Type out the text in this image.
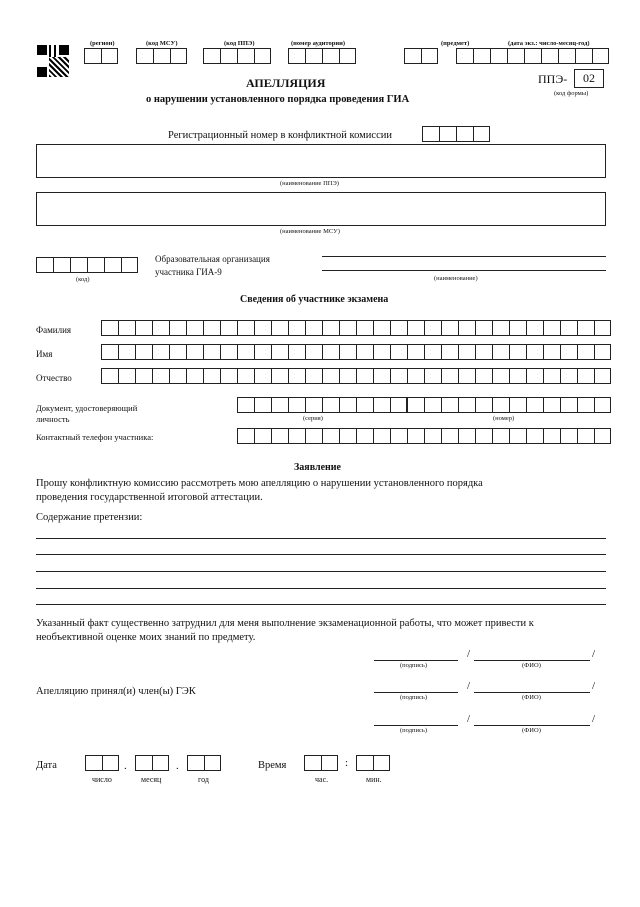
(регион)	(код МСУ)	(код ППЭ)	(номер аудитории)	(предмет)	(дата экз.: число-месяц-год)
АПЕЛЛЯЦИЯ
о нарушении установленного порядка проведения ГИА
ППЭ-	02
(код формы)
Регистрационный номер в конфликтной комиссии
(наименование ППЭ)
(наименование МСУ)
(код)
Образовательная организация
участника ГИА-9
(наименование)
Сведения об участнике экзамена
Фамилия
Имя
Отчество
Документ, удостоверяющий
личность	(серия)	(номер)
Контактный телефон участника:
Заявление
Прошу конфликтную комиссию рассмотреть мою апелляцию о нарушении установленного порядка
проведения государственной итоговой аттестации.
Содержание претензии:
Указанный факт существенно затруднил для меня выполнение экзаменационной работы, что может привести к
необъективной оценке моих знаний по предмету.
Апелляцию принял(и) член(ы) ГЭК
(подпись)
/	/
(ФИО)
(подпись)
/	/
(ФИО)
(подпись)
/	/
(ФИО)
Дата	.	.
число	месяц	год
Время	:
час.	мин.
